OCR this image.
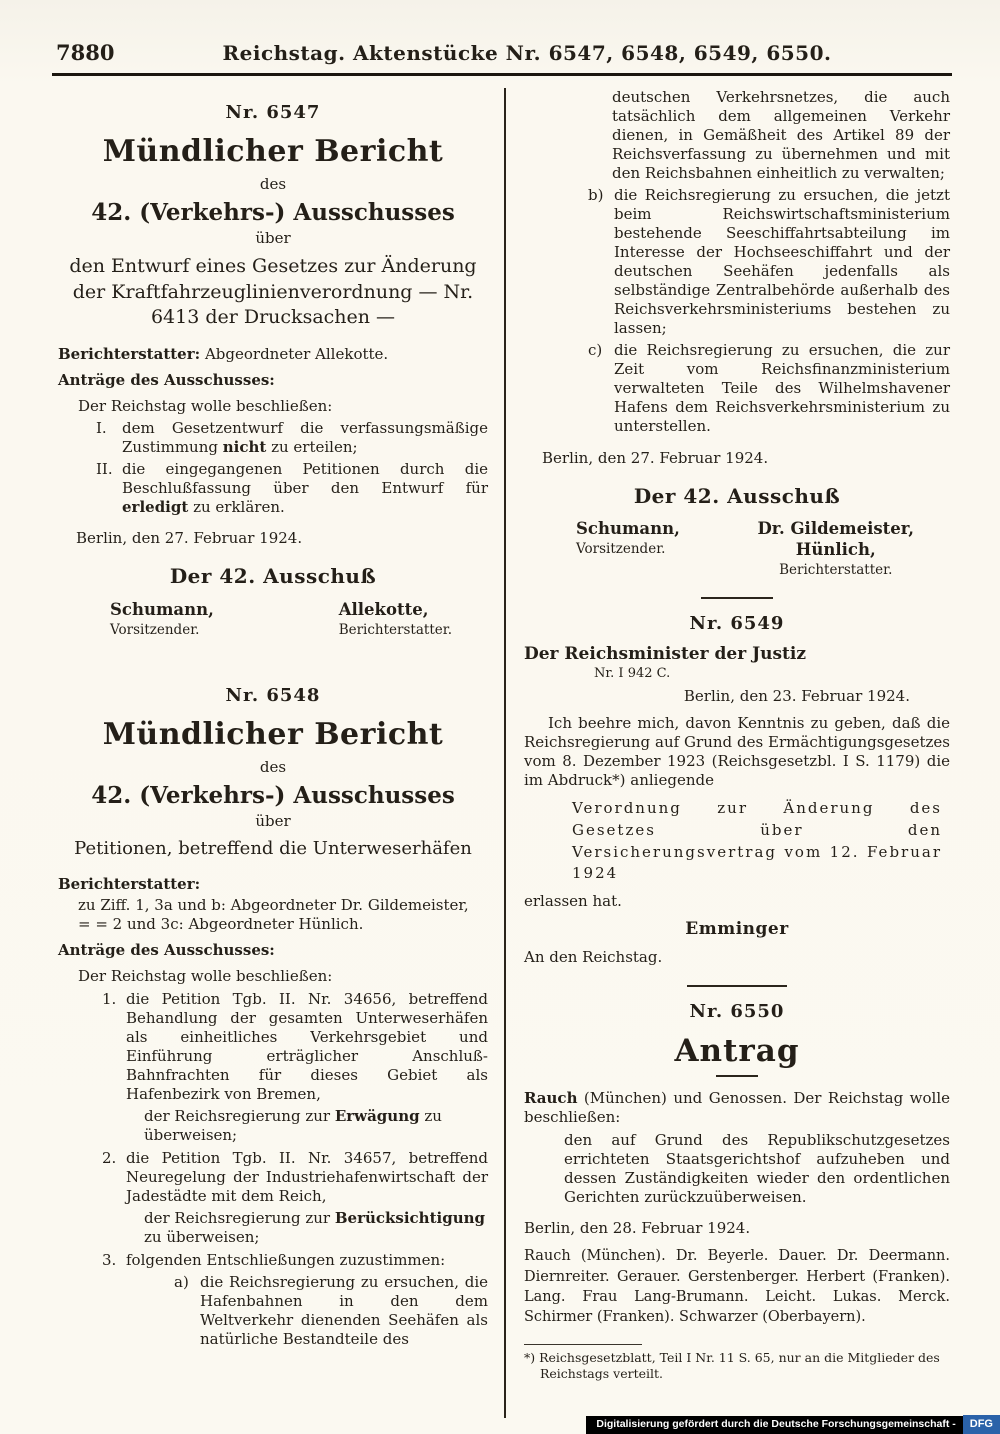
7880	Reichstag. Aktenstücke Nr. 6547, 6548, 6549, 6550.

Nr. 6547

Mündlicher Bericht

des

42. (Verkehrs-) Ausschusses

über

den Entwurf eines Gesetzes zur Änderung der Kraftfahrzeuglinienverordnung — Nr. 6413 der Drucksachen —

Berichterstatter: Abgeordneter Allekotte.

Anträge des Ausschusses:

Der Reichstag wolle beschließen:

I. dem Gesetzentwurf die verfassungsmäßige Zustimmung nicht zu erteilen;
II. die eingegangenen Petitionen durch die Beschlußfassung über den Entwurf für erledigt zu erklären.

Berlin, den 27. Februar 1924.

Der 42. Ausschuß

Schumann,
Vorsitzender.
Allekotte,
Berichterstatter.

Nr. 6548

Mündlicher Bericht

des

42. (Verkehrs-) Ausschusses

über

Petitionen, betreffend die Unterweserhäfen

Berichterstatter:

zu Ziff. 1, 3a und b: Abgeordneter Dr. Gildemeister,

= = 2 und 3c: Abgeordneter Hünlich.

Anträge des Ausschusses:

Der Reichstag wolle beschließen:

1. die Petition Tgb. II. Nr. 34656, betreffend Behandlung der gesamten Unterweserhäfen als einheitliches Verkehrsgebiet und Einführung erträglicher Anschluß-Bahnfrachten für dieses Gebiet als Hafenbezirk von Bremen,

der Reichsregierung zur Erwägung zu überweisen;

2. die Petition Tgb. II. Nr. 34657, betreffend Neuregelung der Industriehafenwirtschaft der Jadestädte mit dem Reich,

der Reichsregierung zur Berücksichtigung zu überweisen;

3. folgenden Entschließungen zuzustimmen:
a) die Reichsregierung zu ersuchen, die Hafenbahnen in den dem Weltverkehr dienenden Seehäfen als natürliche Bestandteile des

deutschen Verkehrsnetzes, die auch tatsächlich dem allgemeinen Verkehr dienen, in Gemäßheit des Artikel 89 der Reichsverfassung zu übernehmen und mit den Reichsbahnen einheitlich zu verwalten;

b) die Reichsregierung zu ersuchen, die jetzt beim Reichswirtschaftsministerium bestehende Seeschiffahrtsabteilung im Interesse der Hochseeschiffahrt und der deutschen Seehäfen jedenfalls als selbständige Zentralbehörde außerhalb des Reichsverkehrsministeriums bestehen zu lassen;
c) die Reichsregierung zu ersuchen, die zur Zeit vom Reichsfinanzministerium verwalteten Teile des Wilhelmshavener Hafens dem Reichsverkehrsministerium zu unterstellen.

Berlin, den 27. Februar 1924.

Der 42. Ausschuß

Schumann,
Vorsitzender.
Dr. Gildemeister,
Hünlich,
Berichterstatter.

Nr. 6549

Der Reichsminister der Justiz

Nr. I 942 C.

Berlin, den 23. Februar 1924.

Ich beehre mich, davon Kenntnis zu geben, daß die Reichsregierung auf Grund des Ermächtigungsgesetzes vom 8. Dezember 1923 (Reichsgesetzbl. I S. 1179) die im Abdruck*) anliegende

Verordnung zur Änderung des Gesetzes über den Versicherungsvertrag vom 12. Februar 1924

erlassen hat.

Emminger

An den Reichstag.

Nr. 6550

Antrag

Rauch (München) und Genossen. Der Reichstag wolle beschließen:

den auf Grund des Republikschutzgesetzes errichteten Staatsgerichtshof aufzuheben und dessen Zuständigkeiten wieder den ordentlichen Gerichten zurückzuüberweisen.

Berlin, den 28. Februar 1924.

Rauch (München). Dr. Beyerle. Dauer. Dr. Deermann. Diernreiter. Gerauer. Gerstenberger. Herbert (Franken). Lang. Frau Lang-Brumann. Leicht. Lukas. Merck. Schirmer (Franken). Schwarzer (Oberbayern).

*) Reichsgesetzblatt, Teil I Nr. 11 S. 65, nur an die Mitglieder des Reichstags verteilt.

Digitalisierung gefördert durch die Deutsche Forschungsgemeinschaft -	DFG
